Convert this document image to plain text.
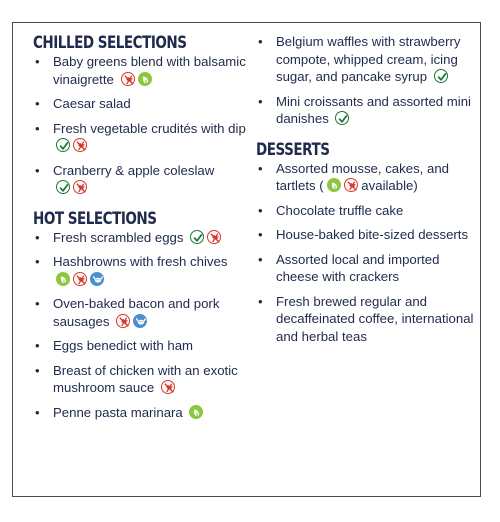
CHILLED SELECTIONS
• Baby greens blend with balsamic vinaigrette
• Caesar salad
• Fresh vegetable crudités with dip
• Cranberry & apple coleslaw
HOT SELECTIONS
• Fresh scrambled eggs
• Hashbrowns with fresh chives
• Oven-baked bacon and pork sausages
• Eggs benedict with ham
• Breast of chicken with an exotic mushroom sauce
• Penne pasta marinara
• Belgium waffles with strawberry compote, whipped cream, icing sugar, and pancake syrup
• Mini croissants and assorted mini danishes
DESSERTS
• Assorted mousse, cakes, and tartlets (	available)
• Chocolate truffle cake
• House-baked bite-sized desserts
• Assorted local and imported cheese with crackers
• Fresh brewed regular and decaffeinated coffee, international and herbal teas
